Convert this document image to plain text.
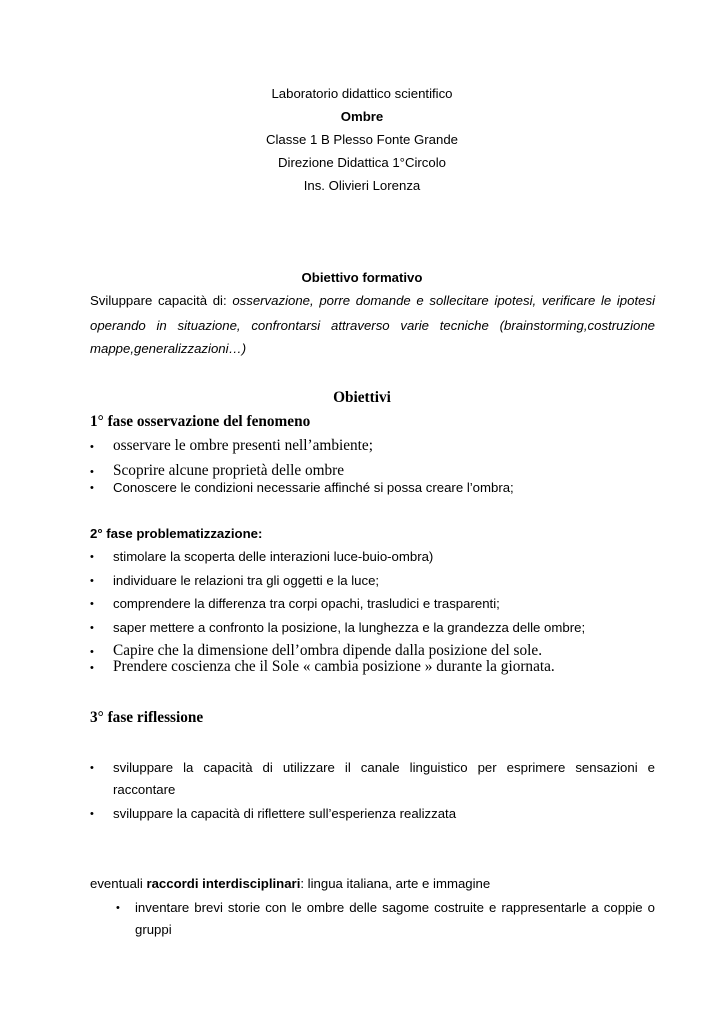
Laboratorio didattico scientifico
Ombre
Classe 1 B Plesso Fonte Grande
Direzione Didattica 1°Circolo
Ins. Olivieri Lorenza
Obiettivo formativo
Sviluppare capacità di: osservazione, porre domande e sollecitare ipotesi, verificare le ipotesi
operando in situazione, confrontarsi attraverso varie tecniche (brainstorming,costruzione
mappe,generalizzazioni…)
Obiettivi
1° fase osservazione del fenomeno
• osservare le ombre presenti nell’ambiente;
• Scoprire alcune proprietà delle ombre
• Conoscere le condizioni necessarie affinché si possa creare l’ombra;
2° fase problematizzazione:
• stimolare la scoperta delle interazioni luce-buio-ombra)
• individuare le relazioni tra gli oggetti e la luce;
• comprendere la differenza tra corpi opachi, trasludici e trasparenti;
• saper mettere a confronto la posizione, la lunghezza e la grandezza delle ombre;
• Capire che la dimensione dell’ombra dipende dalla posizione del sole.
• Prendere coscienza che il Sole « cambia posizione » durante la giornata.
3° fase riflessione
• sviluppare la capacità di utilizzare il canale linguistico per esprimere sensazioni e
raccontare
• sviluppare la capacità di riflettere sull’esperienza realizzata
eventuali raccordi interdisciplinari: lingua italiana, arte e immagine
• inventare brevi storie con le ombre delle sagome costruite e rappresentarle a coppie o
gruppi
